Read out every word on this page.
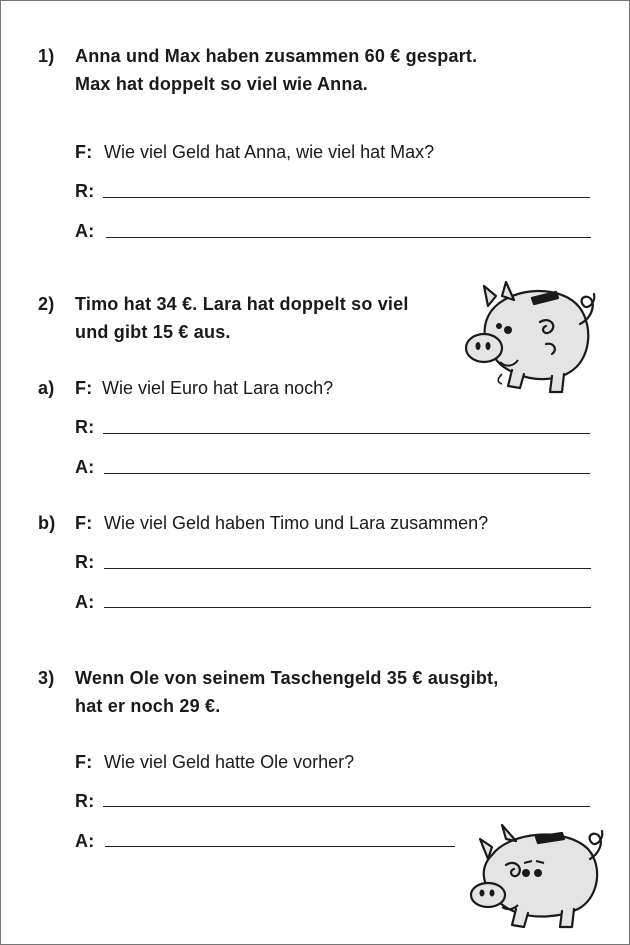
1) Anna und Max haben zusammen 60 € gespart.
Max hat doppelt so viel wie Anna.
F: Wie viel Geld hat Anna, wie viel hat Max?
R:
A:
2) Timo hat 34 €. Lara hat doppelt so viel
und gibt 15 € aus.
a) F: Wie viel Euro hat Lara noch?
R:
A:
b) F: Wie viel Geld haben Timo und Lara zusammen?
R:
A:
3) Wenn Ole von seinem Taschengeld 35 € ausgibt,
hat er noch 29 €.
F: Wie viel Geld hatte Ole vorher?
R:
A:
